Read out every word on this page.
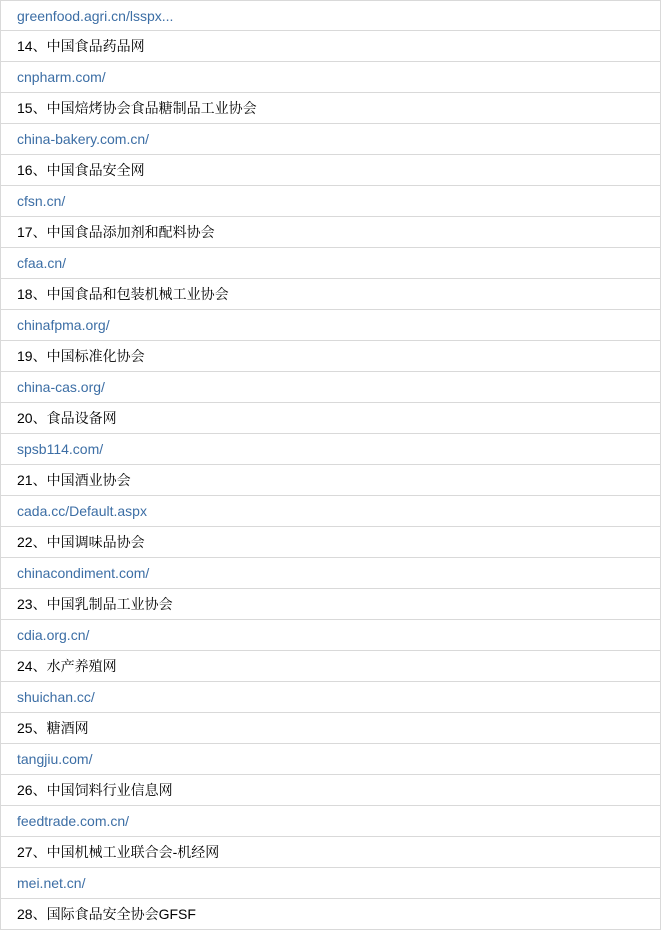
greenfood.agri.cn/lsspx...
14、中国食品药品网
cnpharm.com/
15、中国焙烤协会食品糖制品工业协会
china-bakery.com.cn/
16、中国食品安全网
cfsn.cn/
17、中国食品添加剂和配料协会
cfaa.cn/
18、中国食品和包装机械工业协会
chinafpma.org/
19、中国标准化协会
china-cas.org/
20、食品设备网
spsb114.com/
21、中国酒业协会
cada.cc/Default.aspx
22、中国调味品协会
chinacondiment.com/
23、中国乳制品工业协会
cdia.org.cn/
24、水产养殖网
shuichan.cc/
25、糖酒网
tangjiu.com/
26、中国饲料行业信息网
feedtrade.com.cn/
27、中国机械工业联合会-机经网
mei.net.cn/
28、国际食品安全协会GFSF
